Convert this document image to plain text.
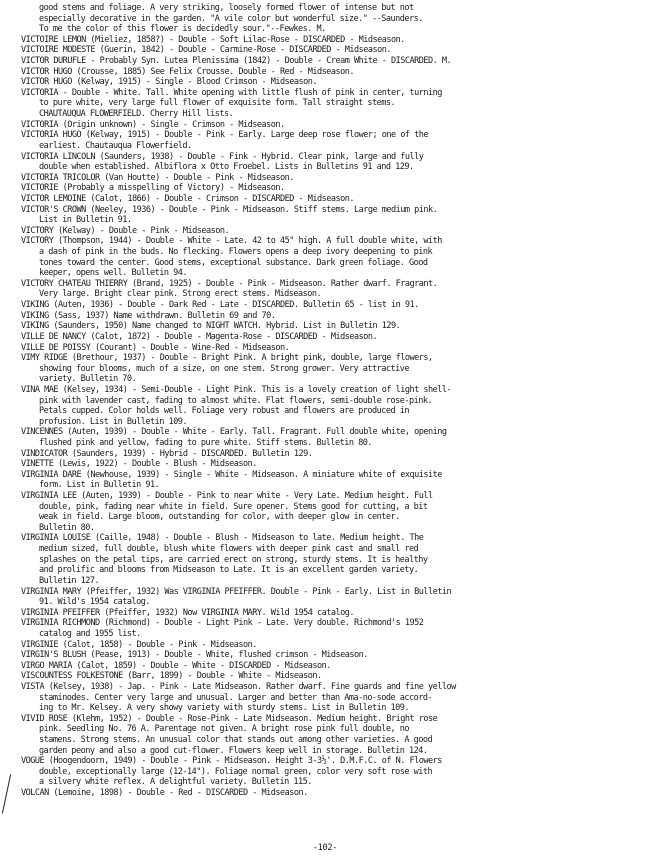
good stems and foliage. A very striking, loosely formed flower of intense but not
especially decorative in the garden. "A vile color but wonderful size." --Saunders.
To me the color of this flower is decidedly sour."--Fewkes. M.
VICTOIRE LEMON (Mieliez, 1858?) - Double - Soft Lilac-Rose - DISCARDED - Midseason.
VICTOIRE MODESTE (Guerin, 1842) - Double - Carmine-Rose - DISCARDED - Midseason.
VICTOR DURUFLE - Probably Syn. Lutea Plenissima (1842) - Double - Cream White - DISCARDED. M.
VICTOR HUGO (Crousse, 1885) See Felix Crousse. Double - Red - Midseason.
VICTOR HUGO (Kelway, 1915) - Single - Blood Crimson - Midseason.
VICTORIA - Double - White. Tall. White opening with little flush of pink in center, turning
to pure white, very large full flower of exquisite form. Tall straight stems.
CHAUTAUQUA FLOWERFIELD. Cherry Hill lists.
VICTORIA (Origin unknown) - Single - Crimson - Midseason.
VICTORIA HUGO (Kelway, 1915) - Double - Pink - Early. Large deep rose flower; one of the
earliest. Chautauqua Flowerfield.
VICTORIA LINCOLN (Saunders, 1938) - Double - Fink - Hybrid. Clear pink, large and fully
double when established. Albiflora x Otto Froebel. Lists in Bulletins 91 and 129.
VICTORIA TRICOLOR (Van Houtte) - Double - Pink - Midseason.
VICTORIE (Probably a misspelling of Victory) - Midseason.
VICTOR LEMOINE (Calot, 1866) - Double - Crimson - DISCARDED - Midseason.
VICTOR'S CROWN (Neeley, 1936) - Double - Pink - Midseason. Stiff stems. Large medium pink.
List in Bulletin 91.
VICTORY (Kelway) - Double - Pink - Midseason.
VICTORY (Thompson, 1944) - Double - White - Late. 42 to 45" high. A full double white, with
a dash of pink in the buds. No flecking. Flowers opens a deep ivory deepening to pink
tones toward the center. Good stems, exceptional substance. Dark green foliage. Good
keeper, opens well. Bulletin 94.
VICTORY CHATEAU THIERRY (Brand, 1925) - Double - Pink - Midseason. Rather dwarf. Fragrant.
Very large. Bright clear pink. Strong erect stems. Midseason.
VIKING (Auten, 1936) - Double - Dark Red - Late - DISCARDED. Bulletin 65 - list in 91.
VIKING (Sass, 1937) Name withdrawn. Bulletin 69 and 70.
VIKING (Saunders, 1950) Name changed to NIGHT WATCH. Hybrid. List in Bulletin 129.
VILLE DE NANCY (Calot, 1872) - Double - Magenta-Rose - DISCARDED - Midseason.
VILLE DE POISSY (Courant) - Double - Wine-Red - Midseason.
VIMY RIDGE (Brethour, 1937) - Double - Bright Pink. A bright pink, double, large flowers,
showing four blooms, much of a size, on one stem. Strong grower. Very attractive
variety. Bulletin 70.
VINA MAE (Kelsey, 1934) - Semi-Double - Light Pink. This is a lovely creation of light shell-
pink with lavender cast, fading to almost white. Flat flowers, semi-double rose-pink.
Petals cupped. Color holds well. Foliage very robust and flowers are produced in
profusion. List in Bulletin 109.
VINCENNES (Auten, 1939) - Double - White - Early. Tall. Fragrant. Full double white, opening
flushed pink and yellow, fading to pure white. Stiff stems. Bulletin 80.
VINDICATOR (Saunders, 1939) - Hybrid - DISCARDED. Bulletin 129.
VINETTE (Lewis, 1922) - Double - Blush - Midseason.
VIRGINIA DARE (Newhouse, 1939) - Single - White - Midseason. A miniature white of exquisite
form. List in Bulletin 91.
VIRGINIA LEE (Auten, 1939) - Double - Pink to near white - Very Late. Medium height. Full
double, pink, fading near white in field. Sure opener. Stems good for cutting, a bit
weak in field. Large bloom, outstanding for color, with deeper glow in center.
Bulletin 80.
VIRGINIA LOUISE (Caille, 1948) - Double - Blush - Midseason to late. Medium height. The
medium sized, full double, blush white flowers with deeper pink cast and small red
splashes on the petal tips, are carried erect on strong, sturdy stems. It is healthy
and prolific and blooms from Midseason to Late. It is an excellent garden variety.
Bulletin 127.
VIRGINIA MARY (Pfeiffer, 1932) Was VIRGINIA PFEIFFER. Double - Pink - Early. List in Bulletin
91. Wild's 1954 catalog.
VIRGINIA PFEIFFER (Pfeiffer, 1932) Now VIRGINIA MARY. Wild 1954 catalog.
VIRGINIA RICHMOND (Richmond) - Double - Light Pink - Late. Very double. Richmond's 1952
catalog and 1955 list.
VIRGINIE (Calot, 1858) - Double - Pink - Midseason.
VIRGIN'S BLUSH (Pease, 1913) - Double - White, flushed crimson - Midseason.
VIRGO MARIA (Calot, 1859) - Double - White - DISCARDED - Midseason.
VISCOUNTESS FOLKESTONE (Barr, 1899) - Double - White - Midseason.
VISTA (Kelsey, 1938) - Jap. - Pink - Late Midseason. Rather dwarf. Fine guards and fine yellow
staminodes. Center very large and unusual. Larger and better than Ama-no-sode accord-
ing to Mr. Kelsey. A very showy variety with sturdy stems. List in Bulletin 109.
VIVID ROSE (Klehm, 1952) - Double - Rose-Pink - Late Midseason. Medium height. Bright rose
pink. Seedling No. 76 A. Parentage not given. A bright rose pink full double, no
stamens. Strong stems. An unusual color that stands out among other varieties. A good
garden peony and also a good cut-flower. Flowers keep well in storage. Bulletin 124.
VOGUE (Hoogendoorn, 1949) - Double - Pink - Midseason. Height 3-3½'. D.M.F.C. of N. Flowers
double, exceptionally large (12-14"). Foliage normal green, color very soft rose with
a silvery white reflex. A delightful variety. Bulletin 115.
VOLCAN (Lemoine, 1898) - Double - Red - DISCARDED - Midseason.
-102-
